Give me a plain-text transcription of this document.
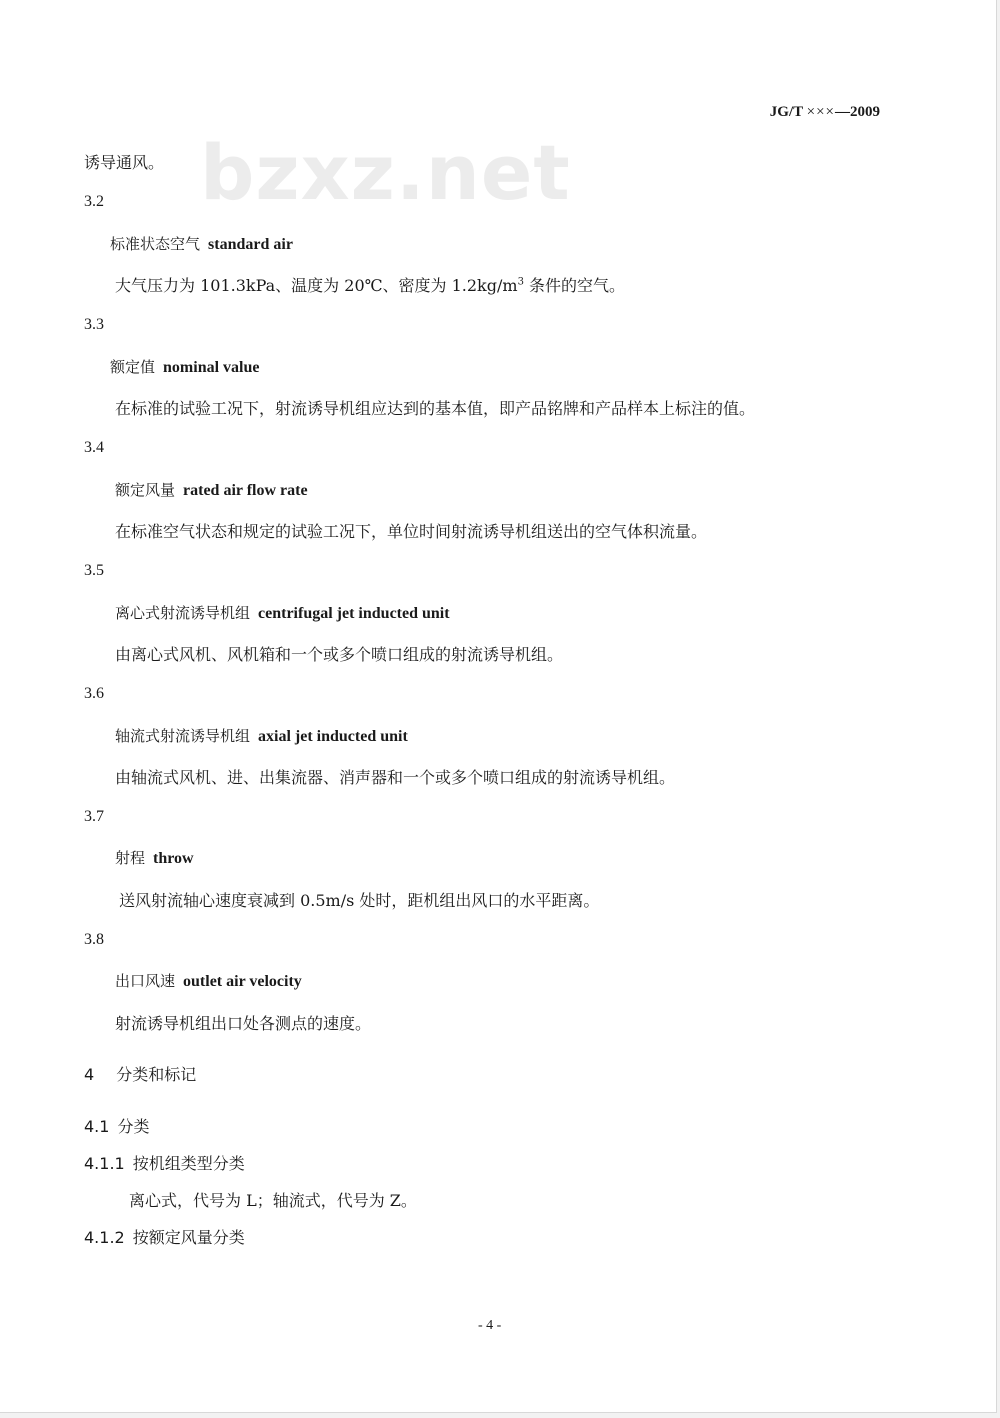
JG/T ×××—2009
bzxz.net
诱导通风。
3.2
标准状态空气 standard air
大气压力为 101.3kPa、温度为 20℃、密度为 $1.2kg/m^3$ 条件的空气。
3.3
额定值 nominal value
在标准的试验工况下，射流诱导机组应达到的基本值，即产品铭牌和产品样本上标注的值。
3.4
额定风量 rated air flow rate
在标准空气状态和规定的试验工况下，单位时间射流诱导机组送出的空气体积流量。
3.5
离心式射流诱导机组 centrifugal jet inducted unit
由离心式风机、风机箱和一个或多个喷口组成的射流诱导机组。
3.6
轴流式射流诱导机组 axial jet inducted unit
由轴流式风机、进、出集流器、消声器和一个或多个喷口组成的射流诱导机组。
3.7
射程 throw
送风射流轴心速度衰减到 0.5m/s 处时，距机组出风口的水平距离。
3.8
出口风速 outlet air velocity
射流诱导机组出口处各测点的速度。
4 分类和标记
4.1 分类
4.1.1 按机组类型分类
离心式，代号为 L；轴流式，代号为 Z。
4.1.2 按额定风量分类
- 4 -
